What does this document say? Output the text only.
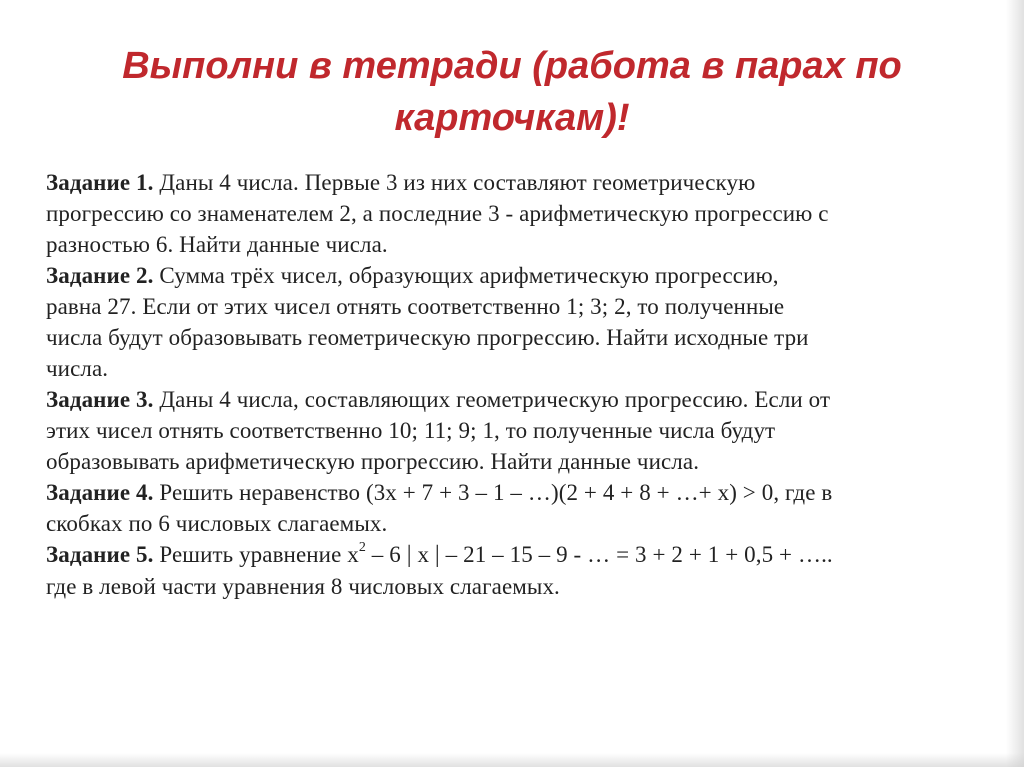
Выполни в тетради (работа в парах по
карточкам)!
Задание 1. Даны 4 числа. Первые 3 из них составляют геометрическую
прогрессию со знаменателем 2, а последние 3 - арифметическую прогрессию с
разностью 6. Найти данные числа.
Задание 2. Сумма трёх чисел, образующих арифметическую прогрессию,
равна 27. Если от этих чисел отнять соответственно 1; 3; 2, то полученные
числа будут образовывать геометрическую прогрессию. Найти исходные три
числа.
Задание 3. Даны 4 числа, составляющих геометрическую прогрессию. Если от
этих чисел отнять соответственно 10; 11; 9; 1, то полученные числа будут
образовывать арифметическую прогрессию. Найти данные числа.
Задание 4. Решить неравенство (3x + 7 + 3 – 1 – …)(2 + 4 + 8 + …+ x) > 0, где в
скобках по 6 числовых слагаемых.
Задание 5. Решить уравнение $x^2 - 6$ | x | – 21 – 15 – 9 - … = 3 + 2 + 1 + 0,5 + …..
где в левой части уравнения 8 числовых слагаемых.
